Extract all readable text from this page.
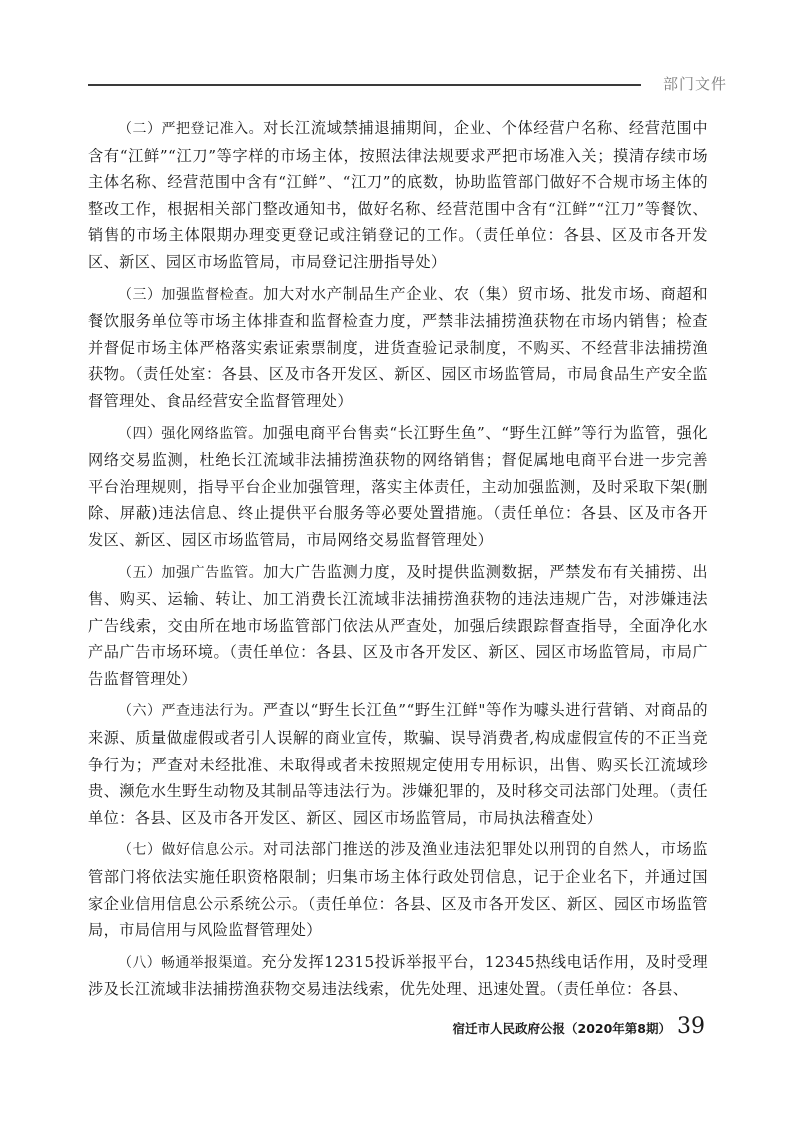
部门文件

（二）严把登记准入。对长江流域禁捕退捕期间，企业、个体经营户名称、经营范围中含有“江鲜”“江刀”等字样的市场主体，按照法律法规要求严把市场准入关；摸清存续市场主体名称、经营范围中含有“江鲜”、“江刀”的底数，协助监管部门做好不合规市场主体的整改工作，根据相关部门整改通知书，做好名称、经营范围中含有“江鲜”“江刀”等餐饮、销售的市场主体限期办理变更登记或注销登记的工作。（责任单位：各县、区及市各开发区、新区、园区市场监管局，市局登记注册指导处）

（三）加强监督检查。加大对水产制品生产企业、农（集）贸市场、批发市场、商超和餐饮服务单位等市场主体排查和监督检查力度，严禁非法捕捞渔获物在市场内销售；检查并督促市场主体严格落实索证索票制度，进货查验记录制度，不购买、不经营非法捕捞渔获物。（责任处室：各县、区及市各开发区、新区、园区市场监管局，市局食品生产安全监督管理处、食品经营安全监督管理处）

（四）强化网络监管。加强电商平台售卖“长江野生鱼”、“野生江鲜”等行为监管，强化网络交易监测，杜绝长江流域非法捕捞渔获物的网络销售；督促属地电商平台进一步完善平台治理规则，指导平台企业加强管理，落实主体责任，主动加强监测，及时采取下架(删除、屏蔽)违法信息、终止提供平台服务等必要处置措施。（责任单位：各县、区及市各开发区、新区、园区市场监管局，市局网络交易监督管理处）

（五）加强广告监管。加大广告监测力度，及时提供监测数据，严禁发布有关捕捞、出售、购买、运输、转让、加工消费长江流域非法捕捞渔获物的违法违规广告，对涉嫌违法广告线索，交由所在地市场监管部门依法从严查处，加强后续跟踪督查指导，全面净化水产品广告市场环境。（责任单位：各县、区及市各开发区、新区、园区市场监管局，市局广告监督管理处）

（六）严查违法行为。严查以“野生长江鱼”“野生江鲜"等作为噱头进行营销、对商品的来源、质量做虚假或者引人误解的商业宣传，欺骗、误导消费者,构成虚假宣传的不正当竞争行为；严查对未经批准、未取得或者未按照规定使用专用标识，出售、购买长江流域珍贵、濒危水生野生动物及其制品等违法行为。涉嫌犯罪的，及时移交司法部门处理。（责任单位：各县、区及市各开发区、新区、园区市场监管局，市局执法稽查处）

（七）做好信息公示。对司法部门推送的涉及渔业违法犯罪处以刑罚的自然人，市场监管部门将依法实施任职资格限制；归集市场主体行政处罚信息，记于企业名下，并通过国家企业信用信息公示系统公示。（责任单位：各县、区及市各开发区、新区、园区市场监管局，市局信用与风险监督管理处）

（八）畅通举报渠道。充分发挥12315投诉举报平台，12345热线电话作用，及时受理涉及长江流域非法捕捞渔获物交易违法线索，优先处理、迅速处置。（责任单位：各县、

宿迁市人民政府公报（2020年第8期） 39
